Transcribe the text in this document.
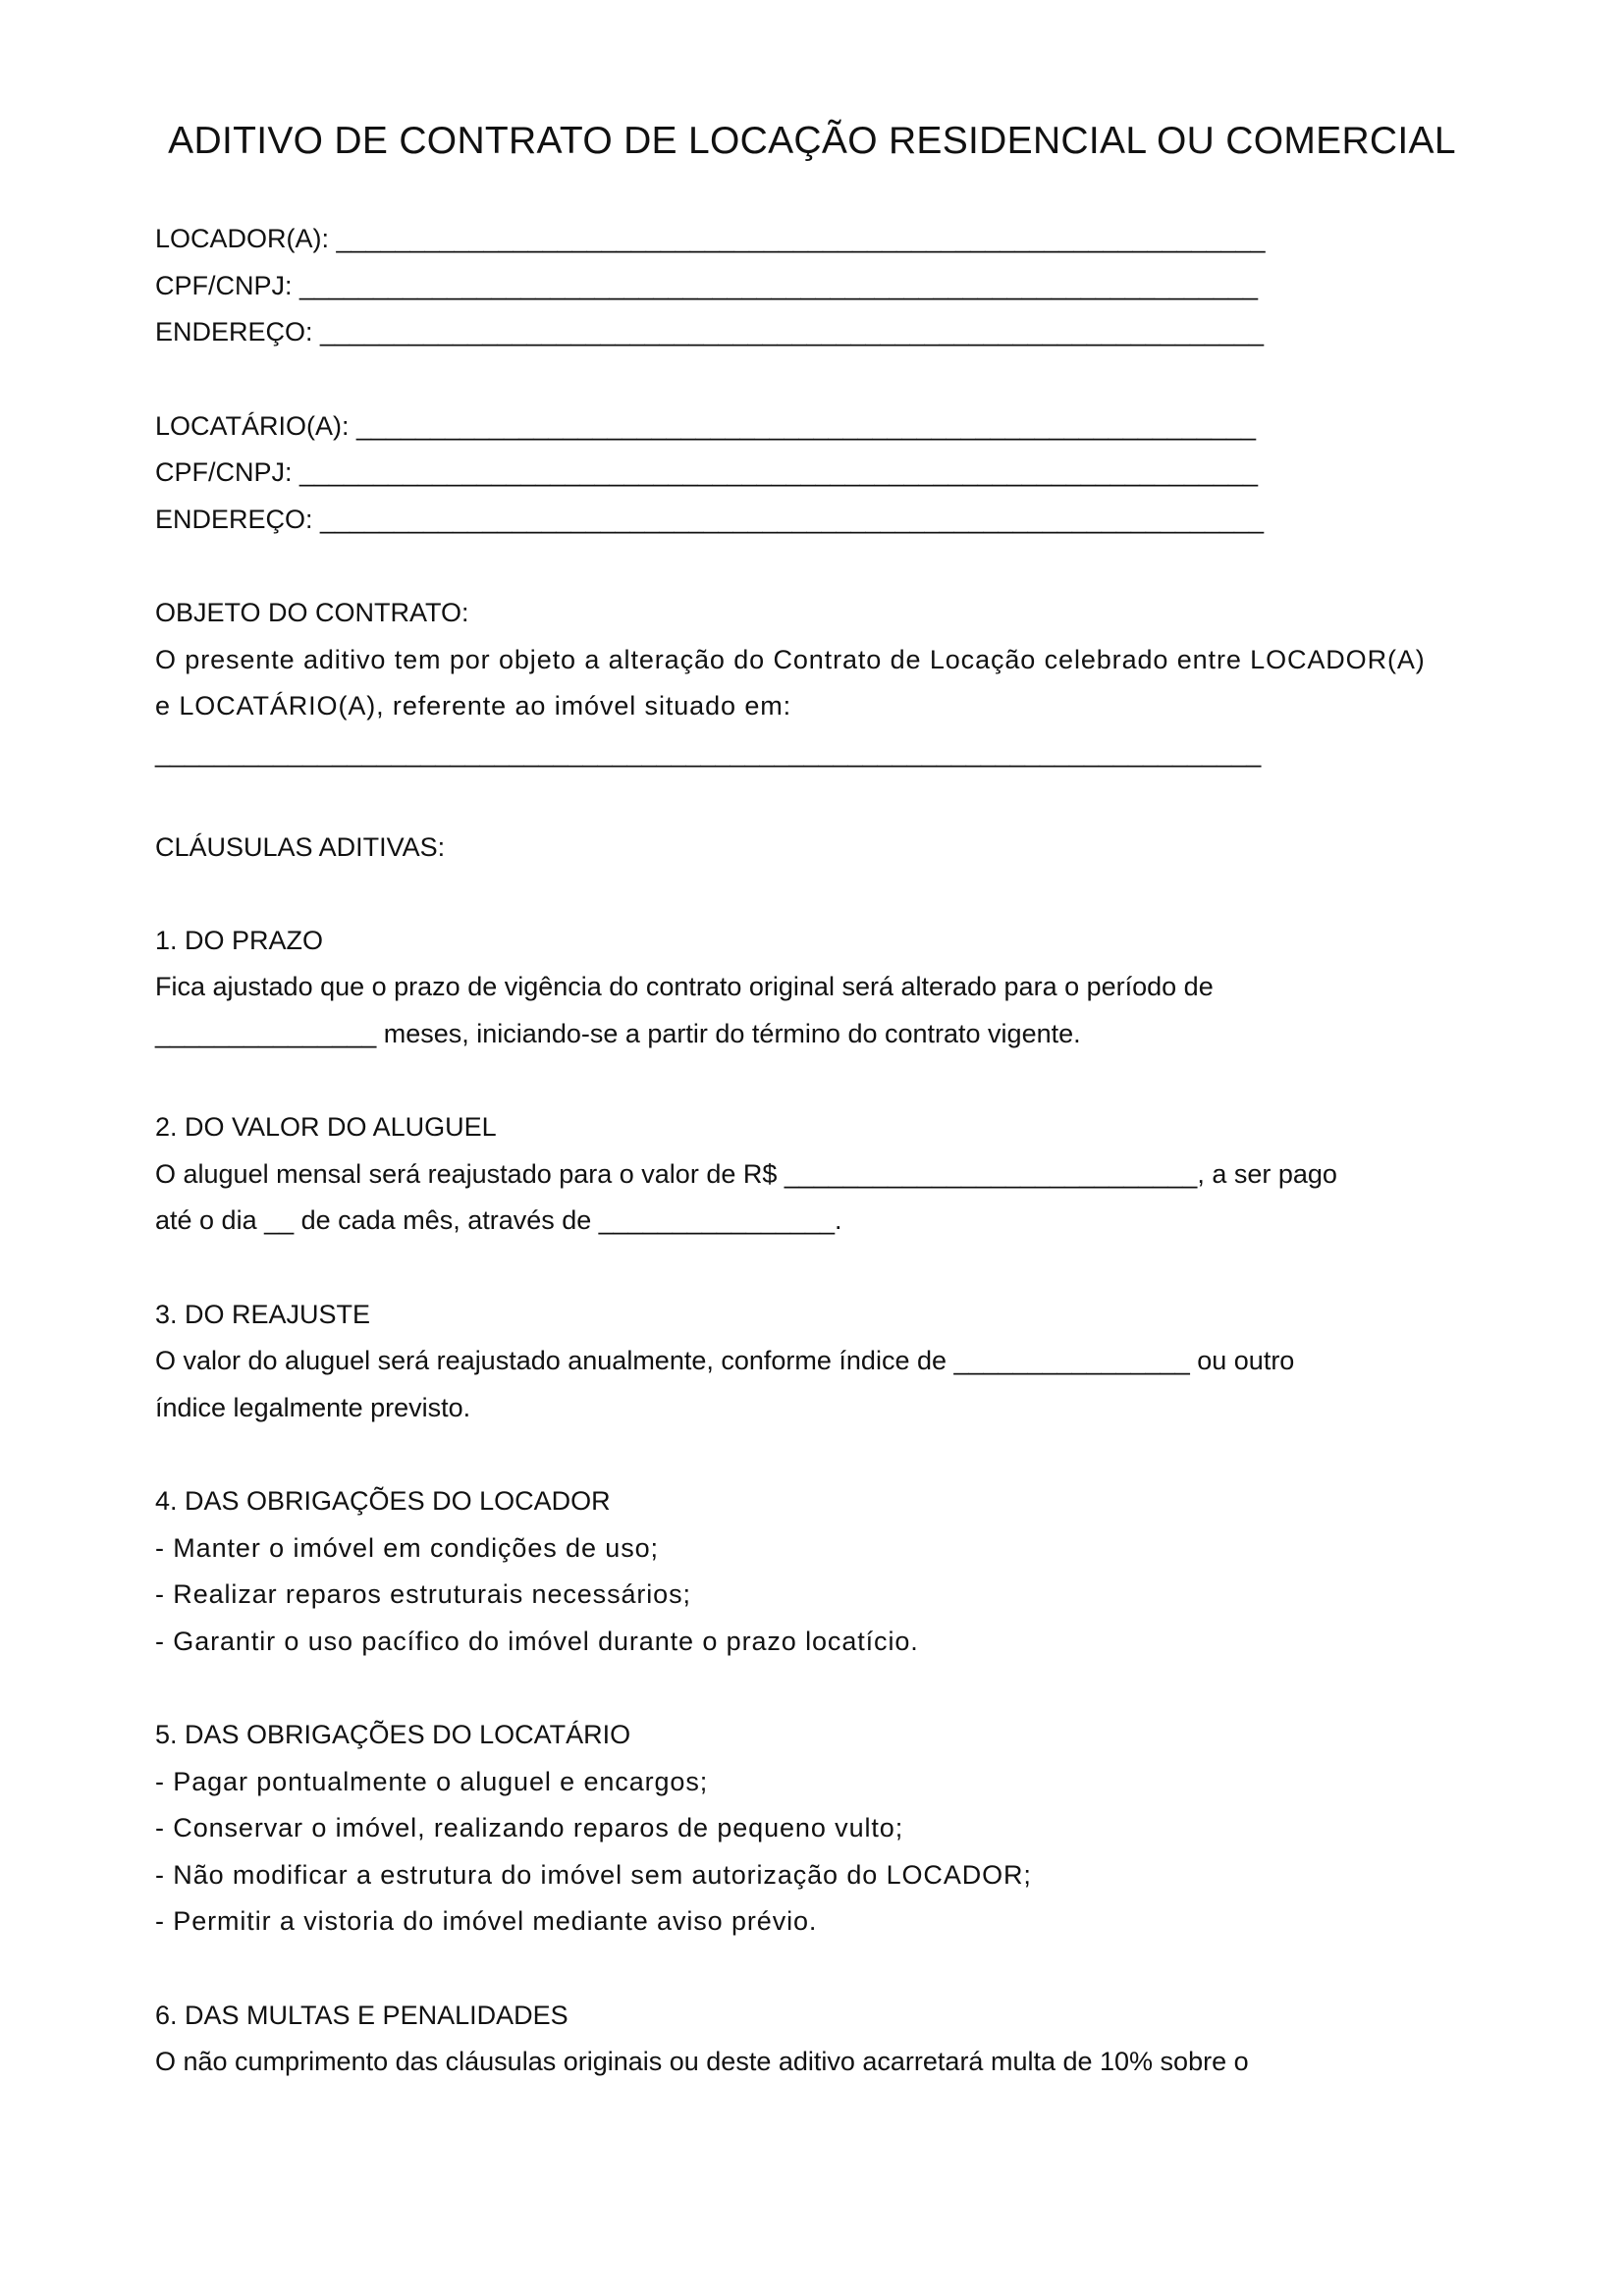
ADITIVO DE CONTRATO DE LOCAÇÃO RESIDENCIAL OU COMERCIAL

LOCADOR(A): _______________________________________________________________

CPF/CNPJ: _________________________________________________________________

ENDEREÇO: ________________________________________________________________

LOCATÁRIO(A): _____________________________________________________________

CPF/CNPJ: _________________________________________________________________

ENDEREÇO: ________________________________________________________________

OBJETO DO CONTRATO:

O presente aditivo tem por objeto a alteração do Contrato de Locação celebrado entre LOCADOR(A)

e LOCATÁRIO(A), referente ao imóvel situado em:

___________________________________________________________________________

CLÁUSULAS ADITIVAS:

1. DO PRAZO

Fica ajustado que o prazo de vigência do contrato original será alterado para o período de

_______________ meses, iniciando-se a partir do término do contrato vigente.

2. DO VALOR DO ALUGUEL

O aluguel mensal será reajustado para o valor de R$ ____________________________, a ser pago

até o dia __ de cada mês, através de ________________.

3. DO REAJUSTE

O valor do aluguel será reajustado anualmente, conforme índice de ________________ ou outro

índice legalmente previsto.

4. DAS OBRIGAÇÕES DO LOCADOR

- Manter o imóvel em condições de uso;

- Realizar reparos estruturais necessários;

- Garantir o uso pacífico do imóvel durante o prazo locatício.

5. DAS OBRIGAÇÕES DO LOCATÁRIO

- Pagar pontualmente o aluguel e encargos;

- Conservar o imóvel, realizando reparos de pequeno vulto;

- Não modificar a estrutura do imóvel sem autorização do LOCADOR;

- Permitir a vistoria do imóvel mediante aviso prévio.

6. DAS MULTAS E PENALIDADES

O não cumprimento das cláusulas originais ou deste aditivo acarretará multa de 10% sobre o
